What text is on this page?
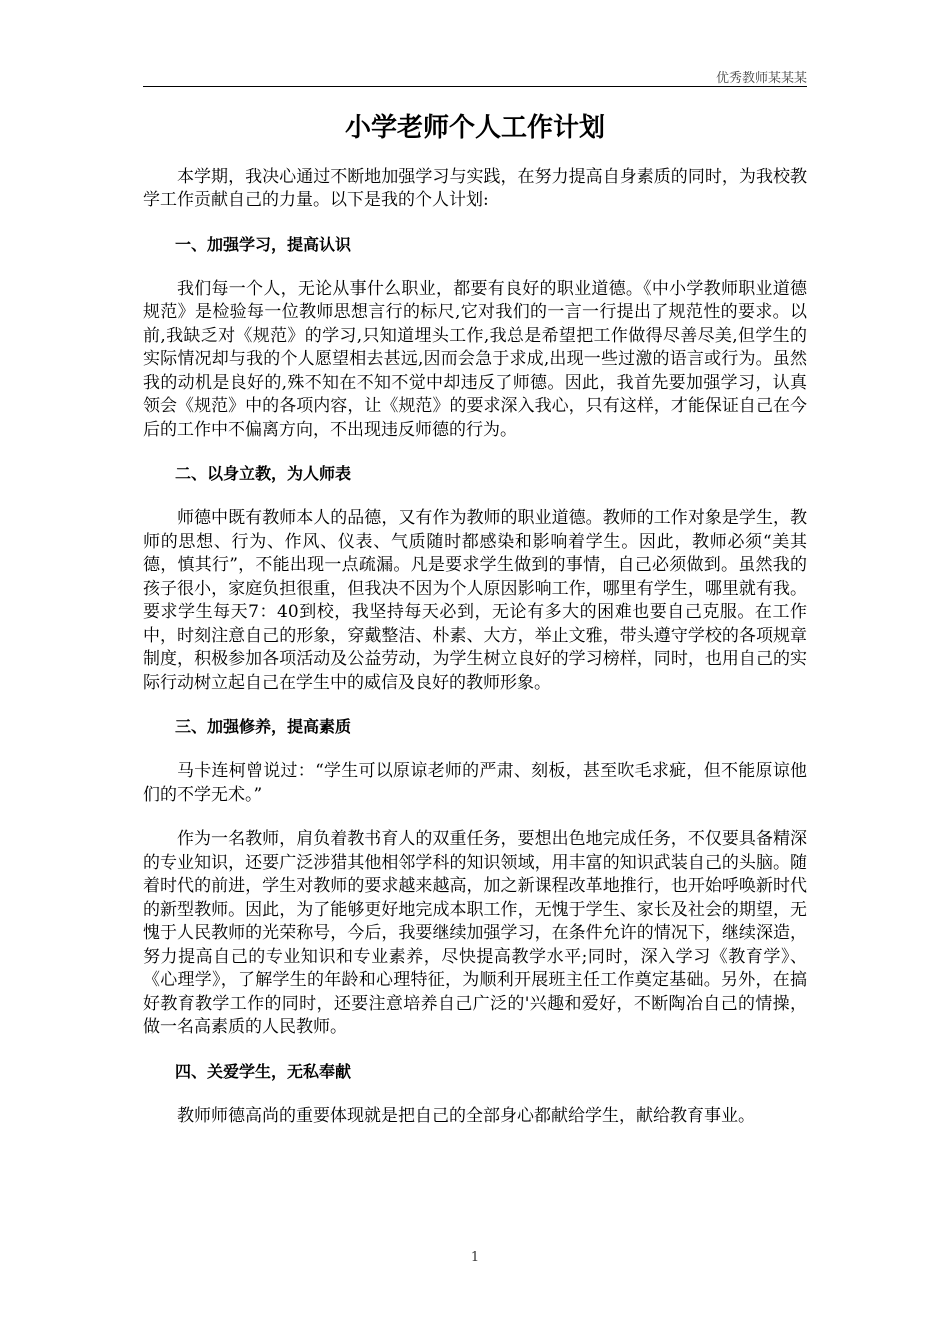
优秀教师某某某
小学老师个人工作计划

本学期，我决心通过不断地加强学习与实践，在努力提高自身素质的同时，为我校教学工作贡献自己的力量。以下是我的个人计划:

一、加强学习，提高认识

我们每一个人，无论从事什么职业，都要有良好的职业道德。《中小学教师职业道德规范》是检验每一位教师思想言行的标尺,它对我们的一言一行提出了规范性的要求。以前,我缺乏对《规范》的学习,只知道埋头工作,我总是希望把工作做得尽善尽美,但学生的实际情况却与我的个人愿望相去甚远,因而会急于求成,出现一些过激的语言或行为。虽然我的动机是良好的,殊不知在不知不觉中却违反了师德。因此，我首先要加强学习，认真领会《规范》中的各项内容，让《规范》的要求深入我心，只有这样，才能保证自己在今后的工作中不偏离方向，不出现违反师德的行为。

二、以身立教，为人师表

师德中既有教师本人的品德，又有作为教师的职业道德。教师的工作对象是学生，教师的思想、行为、作风、仪表、气质随时都感染和影响着学生。因此，教师必须“美其德，慎其行”，不能出现一点疏漏。凡是要求学生做到的事情，自己必须做到。虽然我的孩子很小，家庭负担很重，但我决不因为个人原因影响工作，哪里有学生，哪里就有我。要求学生每天7：40到校，我坚持每天必到，无论有多大的困难也要自己克服。在工作中，时刻注意自己的形象，穿戴整洁、朴素、大方，举止文雅，带头遵守学校的各项规章制度，积极参加各项活动及公益劳动，为学生树立良好的学习榜样，同时，也用自己的实际行动树立起自己在学生中的威信及良好的教师形象。

三、加强修养，提高素质

马卡连柯曾说过：“学生可以原谅老师的严肃、刻板，甚至吹毛求疵，但不能原谅他们的不学无术。”

作为一名教师，肩负着教书育人的双重任务，要想出色地完成任务，不仅要具备精深的专业知识，还要广泛涉猎其他相邻学科的知识领域，用丰富的知识武装自己的头脑。随着时代的前进，学生对教师的要求越来越高，加之新课程改革地推行，也开始呼唤新时代的新型教师。因此，为了能够更好地完成本职工作，无愧于学生、家长及社会的期望，无愧于人民教师的光荣称号，今后，我要继续加强学习，在条件允许的情况下，继续深造，努力提高自己的专业知识和专业素养，尽快提高教学水平;同时，深入学习《教育学》、《心理学》，了解学生的年龄和心理特征，为顺利开展班主任工作奠定基础。另外，在搞好教育教学工作的同时，还要注意培养自己广泛的'兴趣和爱好，不断陶冶自己的情操，做一名高素质的人民教师。

四、关爱学生，无私奉献

教师师德高尚的重要体现就是把自己的全部身心都献给学生，献给教育事业。

1
